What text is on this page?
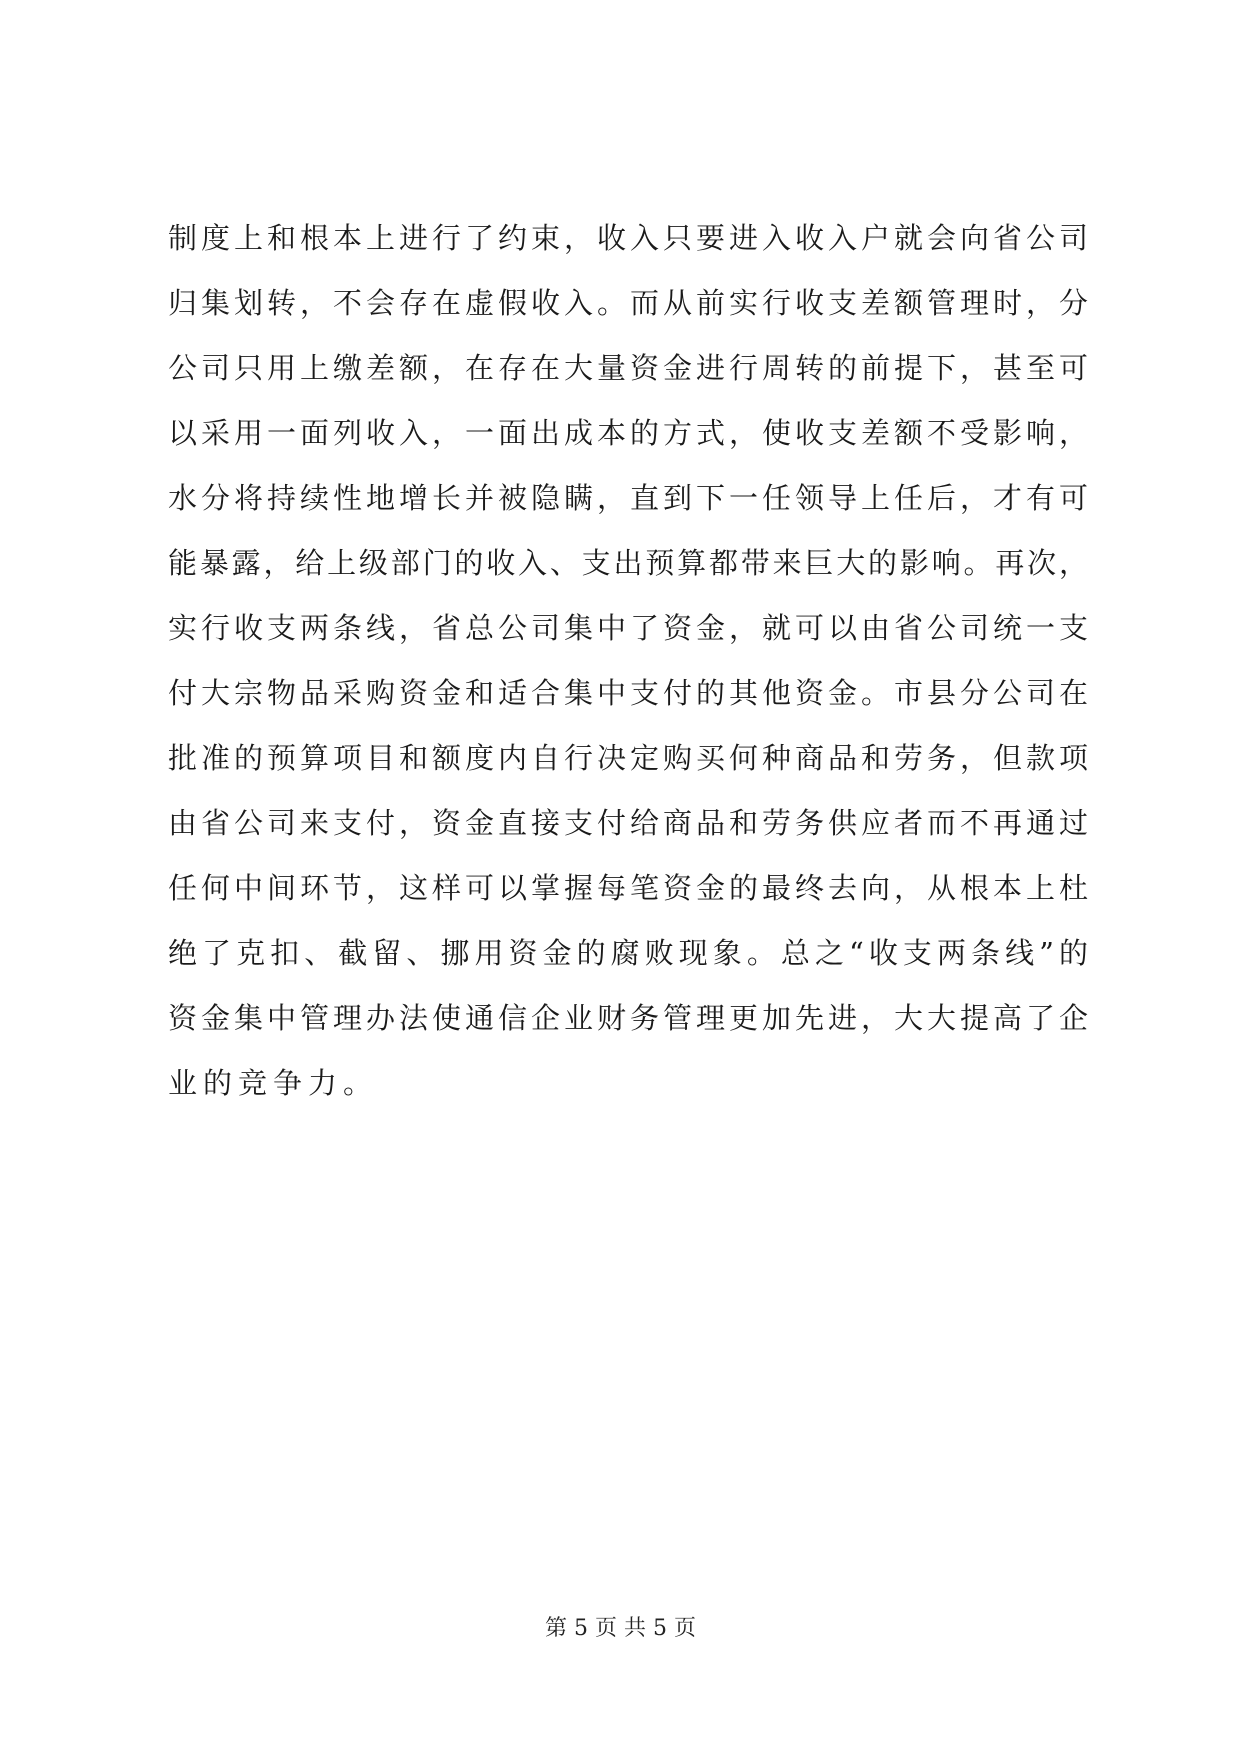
制度上和根本上进行了约束，收入只要进入收入户就会向省公司
归集划转，不会存在虚假收入。而从前实行收支差额管理时，分
公司只用上缴差额，在存在大量资金进行周转的前提下，甚至可
以采用一面列收入，一面出成本的方式，使收支差额不受影响，
水分将持续性地增长并被隐瞒，直到下一任领导上任后，才有可
能暴露，给上级部门的收入、支出预算都带来巨大的影响。再次，
实行收支两条线，省总公司集中了资金，就可以由省公司统一支
付大宗物品采购资金和适合集中支付的其他资金。市县分公司在
批准的预算项目和额度内自行决定购买何种商品和劳务，但款项
由省公司来支付，资金直接支付给商品和劳务供应者而不再通过
任何中间环节，这样可以掌握每笔资金的最终去向，从根本上杜
绝了克扣、截留、挪用资金的腐败现象。总之“收支两条线”的
资金集中管理办法使通信企业财务管理更加先进，大大提高了企
业的竞争力。
第 5 页 共 5 页
